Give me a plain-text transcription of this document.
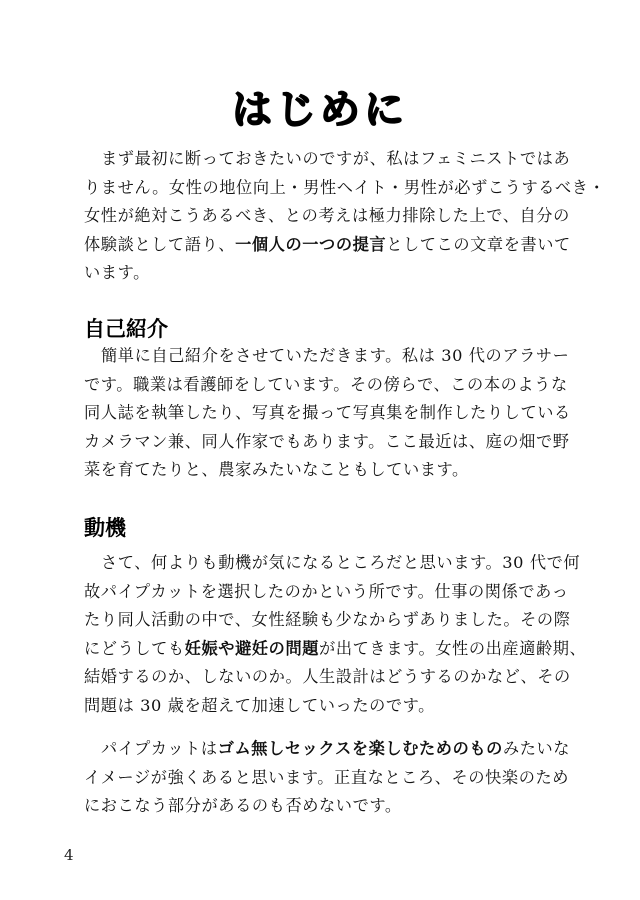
はじめに
まず最初に断っておきたいのですが、私はフェミニストではあ
りません。女性の地位向上・男性ヘイト・男性が必ずこうするべき・
女性が絶対こうあるべき、との考えは極力排除した上で、自分の
体験談として語り、一個人の一つの提言としてこの文章を書いて
います。
自己紹介
簡単に自己紹介をさせていただきます。私は 30 代のアラサー
です。職業は看護師をしています。その傍らで、この本のような
同人誌を執筆したり、写真を撮って写真集を制作したりしている
カメラマン兼、同人作家でもあります。ここ最近は、庭の畑で野
菜を育てたりと、農家みたいなこともしています。
動機
さて、何よりも動機が気になるところだと思います。30 代で何
故パイプカットを選択したのかという所です。仕事の関係であっ
たり同人活動の中で、女性経験も少なからずありました。その際
にどうしても妊娠や避妊の問題が出てきます。女性の出産適齢期、
結婚するのか、しないのか。人生設計はどうするのかなど、その
問題は 30 歳を超えて加速していったのです。
パイプカットはゴム無しセックスを楽しむためのものみたいな
イメージが強くあると思います。正直なところ、その快楽のため
におこなう部分があるのも否めないです。
4
